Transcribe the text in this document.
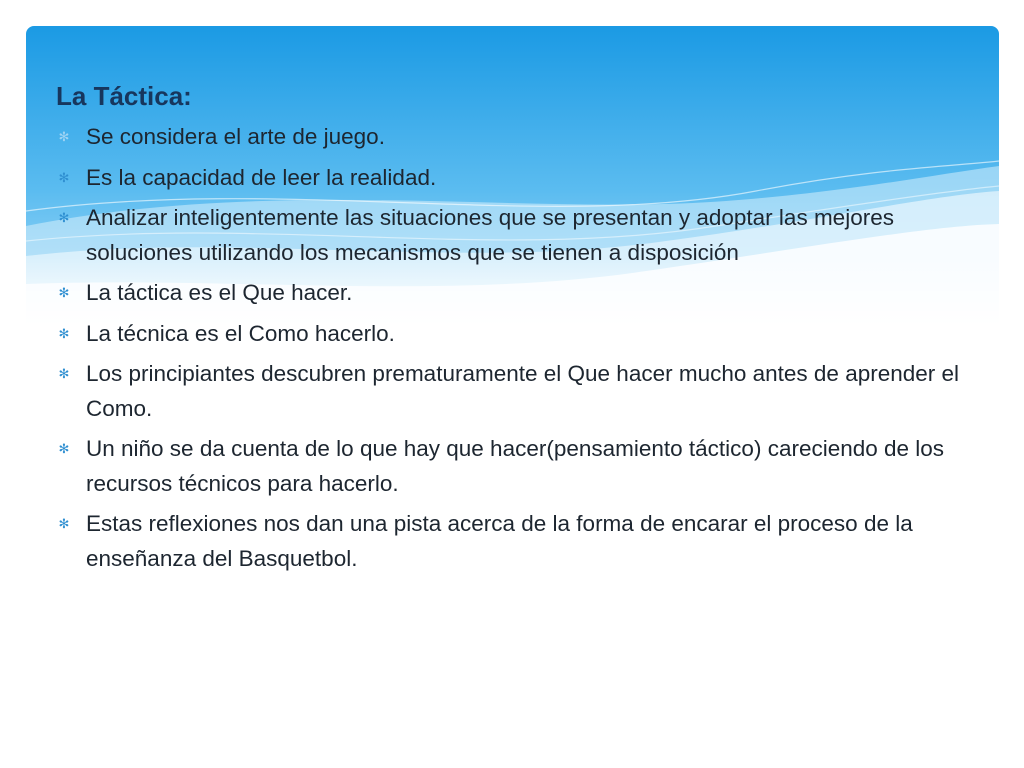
La Táctica:
✻ Se considera el arte de juego.
✻ Es la capacidad de leer la realidad.
✻ Analizar inteligentemente las situaciones que se presentan y adoptar las mejores soluciones utilizando los mecanismos que se tienen a disposición
✻ La táctica es el Que hacer.
✻ La técnica es el Como hacerlo.
✻ Los principiantes descubren prematuramente el Que hacer mucho antes de aprender el Como.
✻ Un niño se da cuenta de lo que hay que hacer(pensamiento táctico) careciendo de los recursos técnicos para hacerlo.
✻ Estas reflexiones nos dan una pista acerca de la forma de encarar el proceso de la enseñanza del Basquetbol.
